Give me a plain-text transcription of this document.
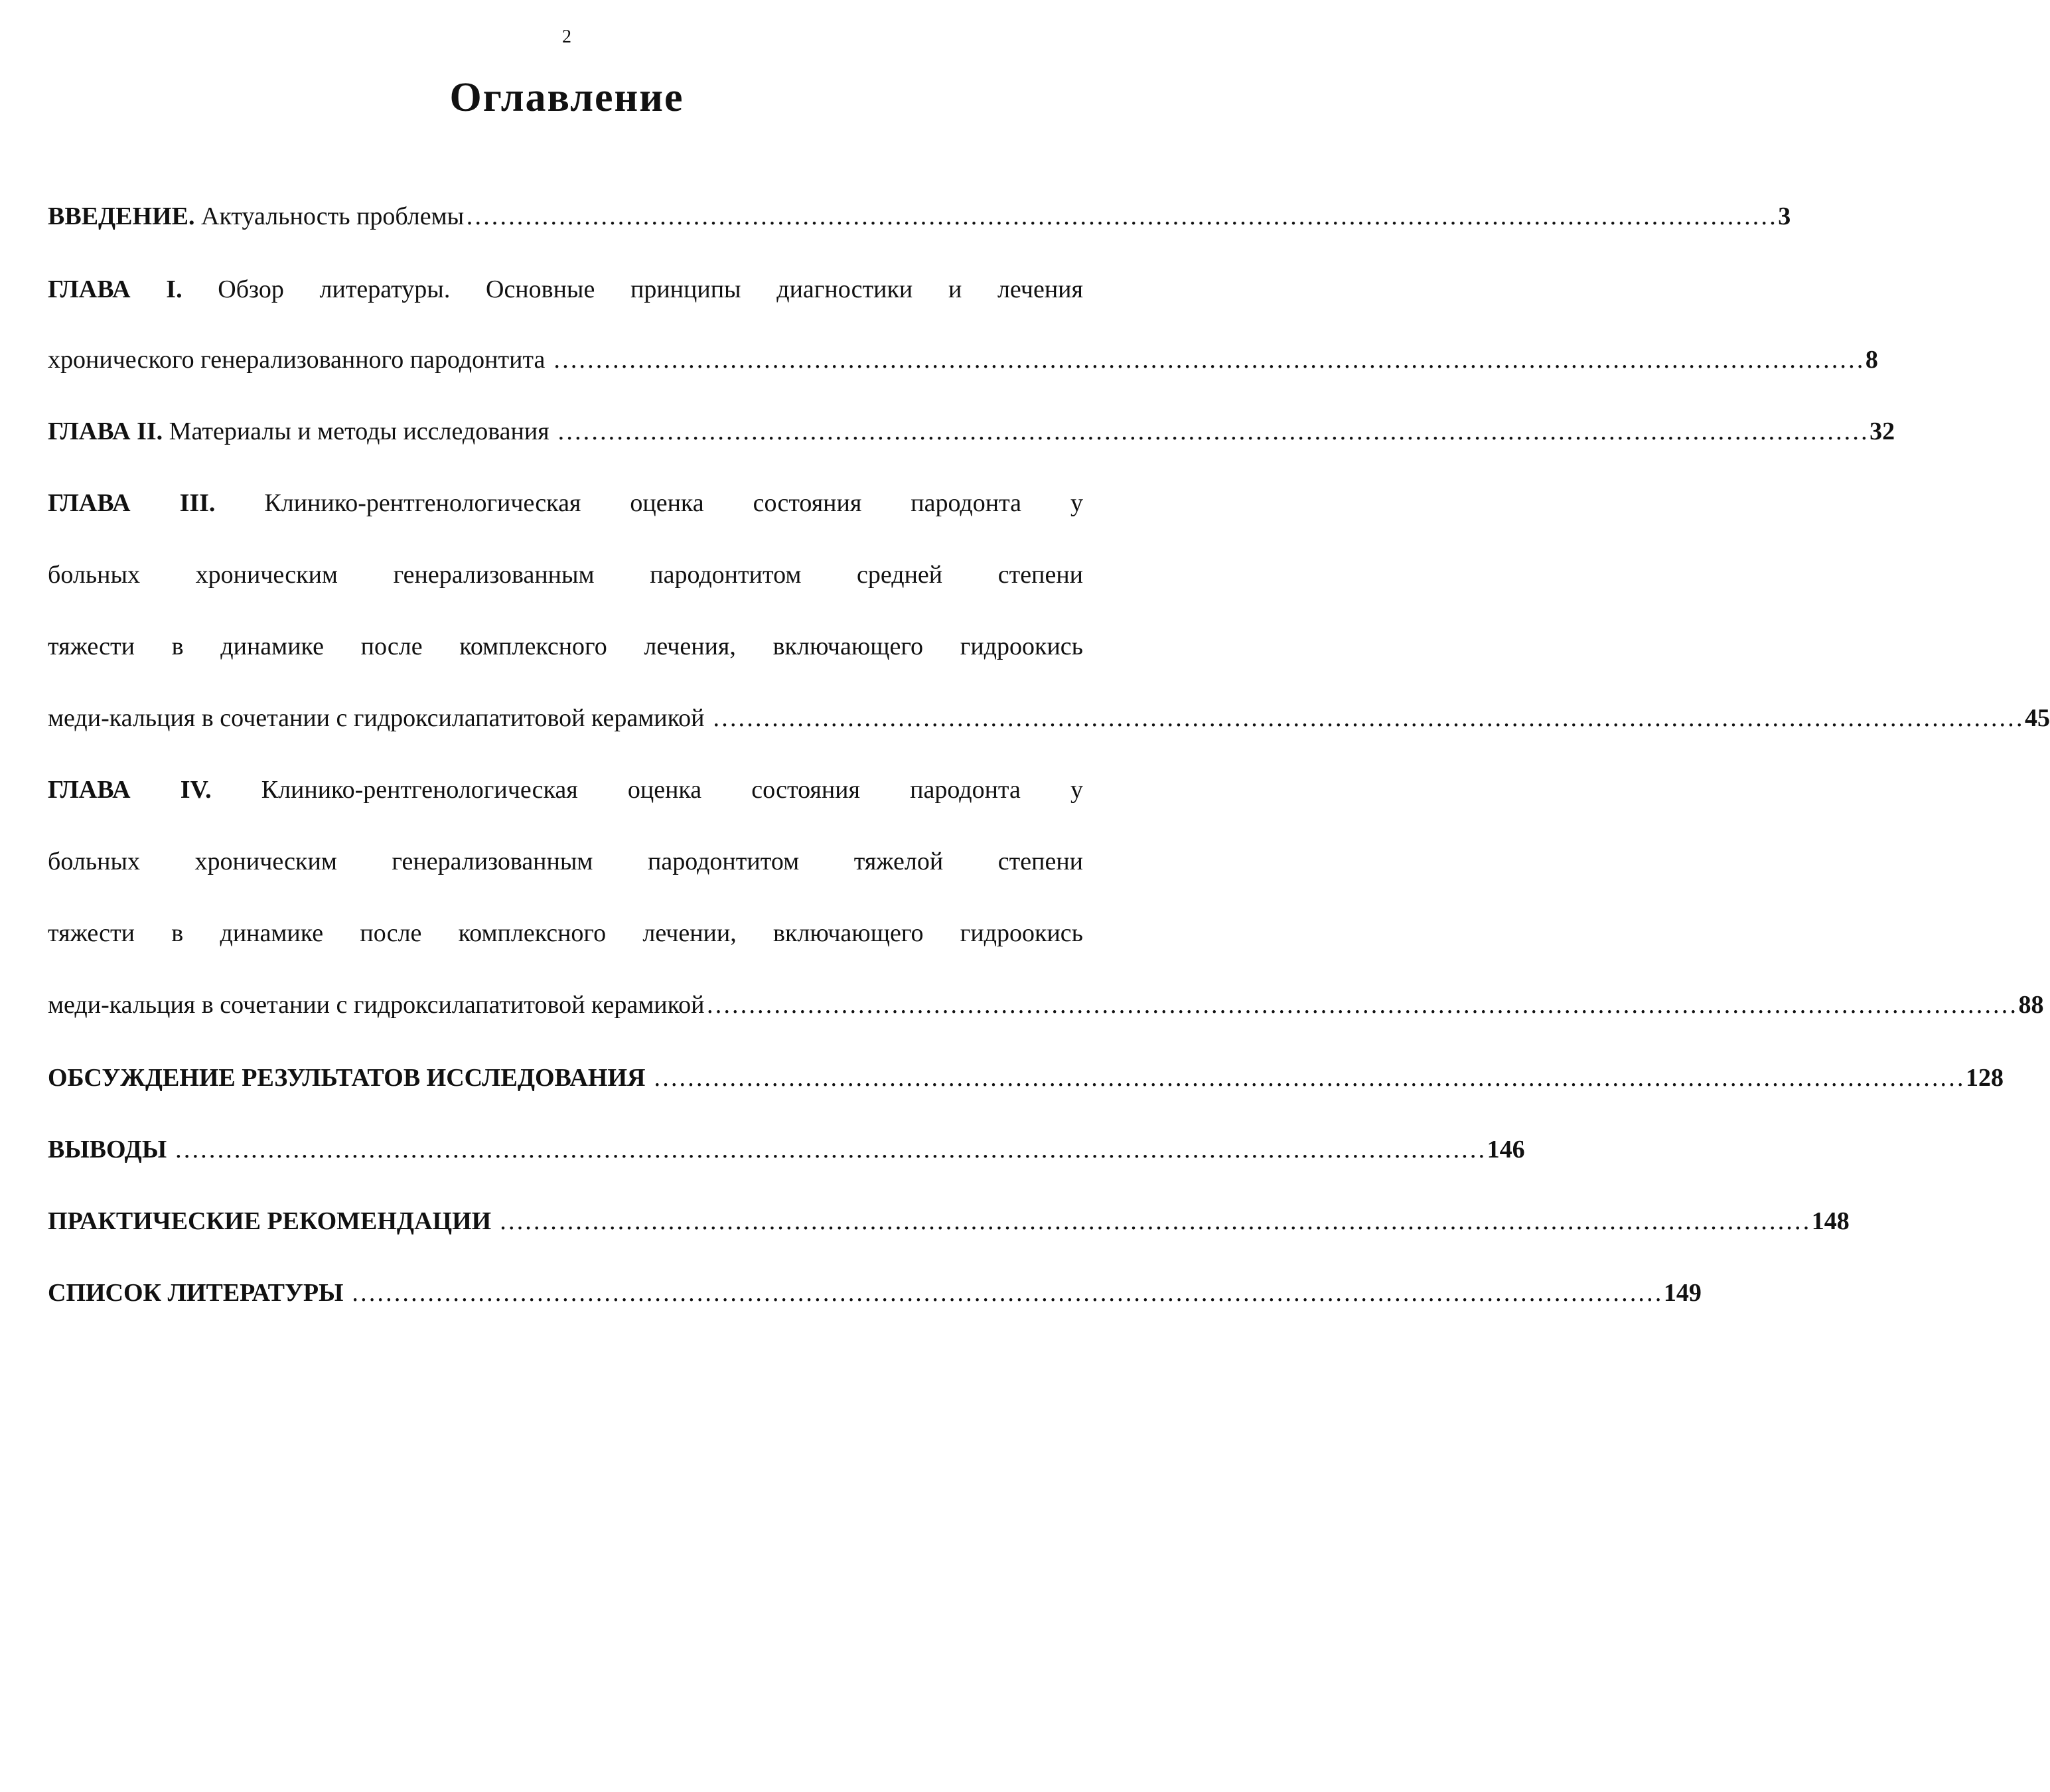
2
Оглавление
ВВЕДЕНИЕ. Актуальность проблемы ………………………………………………………………………………………………………………………………………… 3
ГЛАВА I. Обзор литературы. Основные принципы диагностики и лечения
хронического генерализованного пародонтита ………………………………………………………………………………………………………………………………………… 8
ГЛАВА II. Материалы и методы исследования ………………………………………………………………………………………………………………………………………… 32
ГЛАВА III. Клинико-рентгенологическая оценка состояния пародонта у
больных хроническим генерализованным пародонтитом средней степени
тяжести в динамике после комплексного лечения, включающего гидроокись
меди-кальция в сочетании с гидроксилапатитовой керамикой ………………………………………………………………………………………………………………………………………… 45
ГЛАВА IV. Клинико-рентгенологическая оценка состояния пародонта у
больных хроническим генерализованным пародонтитом тяжелой степени
тяжести в динамике после комплексного лечении, включающего гидроокись
меди-кальция в сочетании с гидроксилапатитовой керамикой ………………………………………………………………………………………………………………………………………… 88
ОБСУЖДЕНИЕ РЕЗУЛЬТАТОВ ИССЛЕДОВАНИЯ
………………………………………………………………………………………………………………………………………… 128
ВЫВОДЫ
………………………………………………………………………………………………………………………………………… 146
ПРАКТИЧЕСКИЕ РЕКОМЕНДАЦИИ
………………………………………………………………………………………………………………………………………… 148
СПИСОК ЛИТЕРАТУРЫ
………………………………………………………………………………………………………………………………………… 149
